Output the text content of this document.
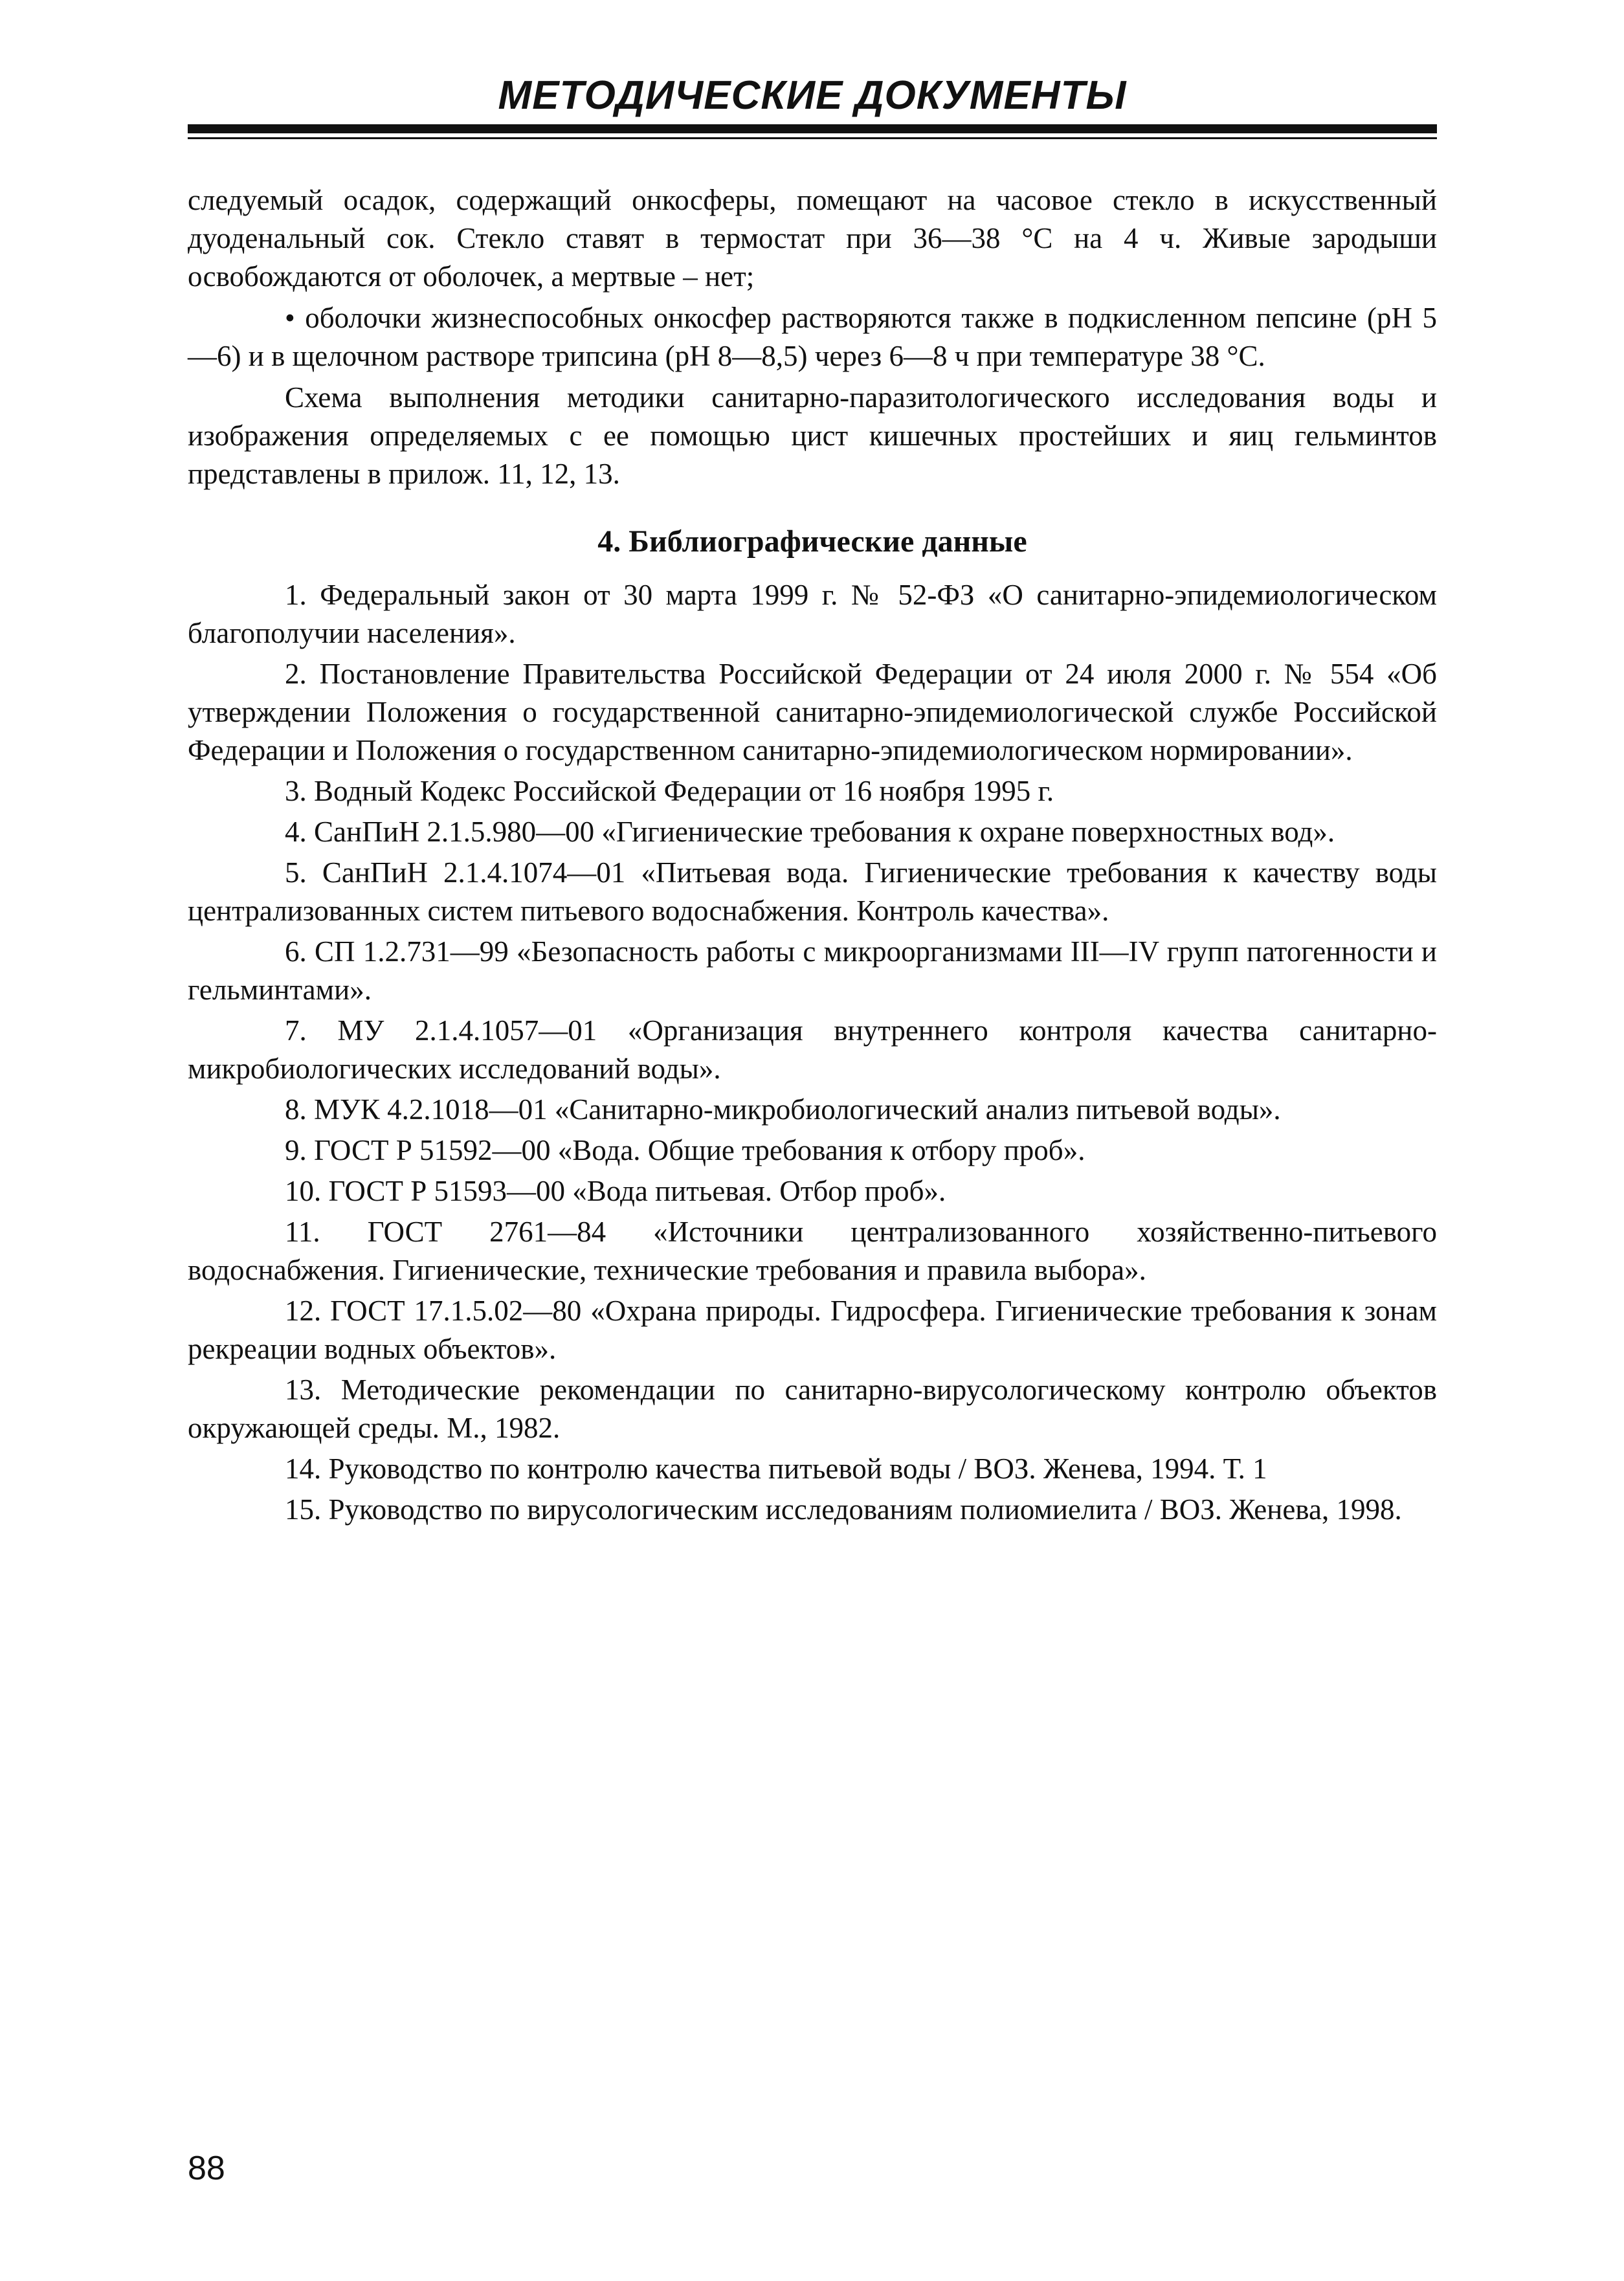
МЕТОДИЧЕСКИЕ ДОКУМЕНТЫ

следуемый осадок, содержащий онкосферы, помещают на часовое стекло в искусственный дуоденальный сок. Стекло ставят в термостат при 36—38 °С на 4 ч. Живые зародыши освобождаются от оболочек, а мертвые – нет;

• оболочки жизнеспособных онкосфер растворяются также в подкисленном пепсине (рН 5—6) и в щелочном растворе трипсина (рН 8—8,5) через 6—8 ч при температуре 38 °С.

Схема выполнения методики санитарно-паразитологического исследования воды и изображения определяемых с ее помощью цист кишечных простейших и яиц гельминтов представлены в прилож. 11, 12, 13.

4. Библиографические данные

1. Федеральный закон от 30 марта 1999 г. № 52-ФЗ «О санитарно-эпидемиологическом благополучии населения».

2. Постановление Правительства Российской Федерации от 24 июля 2000 г. № 554 «Об утверждении Положения о государственной санитарно-эпидемиологической службе Российской Федерации и Положения о государственном санитарно-эпидемиологическом нормировании».

3. Водный Кодекс Российской Федерации от 16 ноября 1995 г.

4. СанПиН 2.1.5.980—00 «Гигиенические требования к охране поверхностных вод».

5. СанПиН 2.1.4.1074—01 «Питьевая вода. Гигиенические требования к качеству воды централизованных систем питьевого водоснабжения. Контроль качества».

6. СП 1.2.731—99 «Безопасность работы с микроорганизмами III—IV групп патогенности и гельминтами».

7. МУ 2.1.4.1057—01 «Организация внутреннего контроля качества санитарно-микробиологических исследований воды».

8. МУК 4.2.1018—01 «Санитарно-микробиологический анализ питьевой воды».

9. ГОСТ Р 51592—00 «Вода. Общие требования к отбору проб».

10. ГОСТ Р 51593—00 «Вода питьевая. Отбор проб».

11. ГОСТ 2761—84 «Источники централизованного хозяйственно-питьевого водоснабжения. Гигиенические, технические требования и правила выбора».

12. ГОСТ 17.1.5.02—80 «Охрана природы. Гидросфера. Гигиенические требования к зонам рекреации водных объектов».

13. Методические рекомендации по санитарно-вирусологическому контролю объектов окружающей среды. М., 1982.

14. Руководство по контролю качества питьевой воды / ВОЗ. Женева, 1994. Т. 1

15. Руководство по вирусологическим исследованиям полиомиелита / ВОЗ. Женева, 1998.

88
